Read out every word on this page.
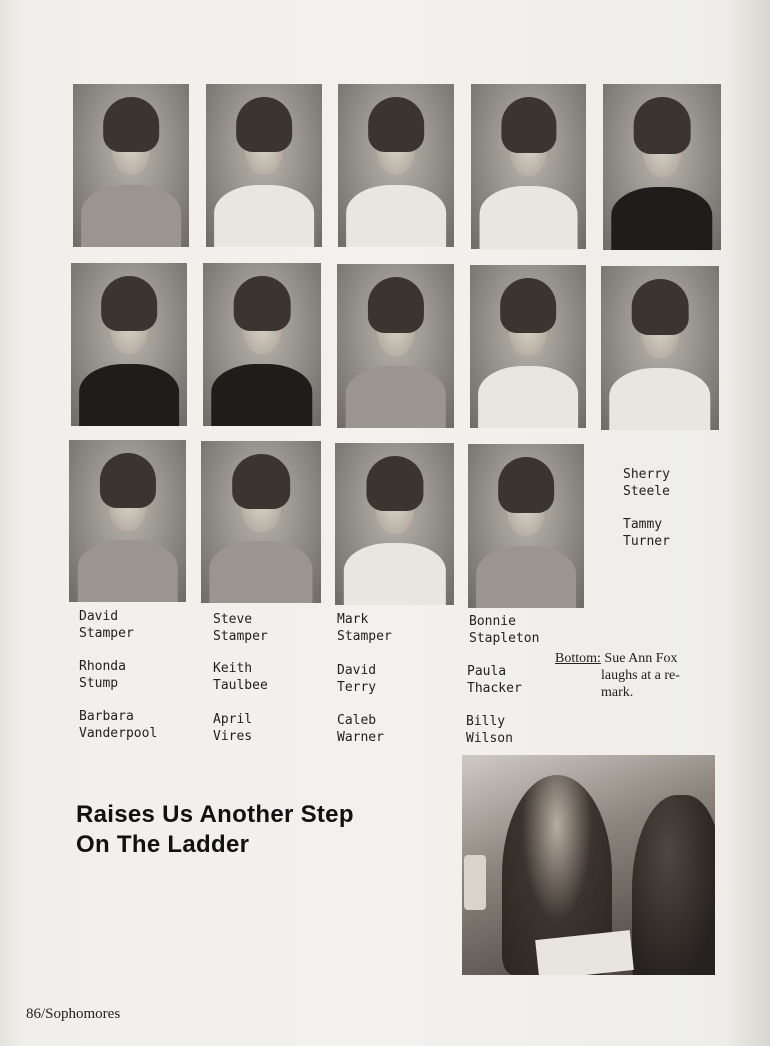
Sherry
Steele
Tammy
Turner
David
Stamper
Rhonda
Stump
Barbara
Vanderpool
Steve
Stamper
Keith
Taulbee
April
Vires
Mark
Stamper
David
Terry
Caleb
Warner
Bonnie
Stapleton
Paula
Thacker
Billy
Wilson
Bottom: Sue Ann Fox
laughs at a re-
mark.
Raises Us Another Step
On The Ladder
86/Sophomores
